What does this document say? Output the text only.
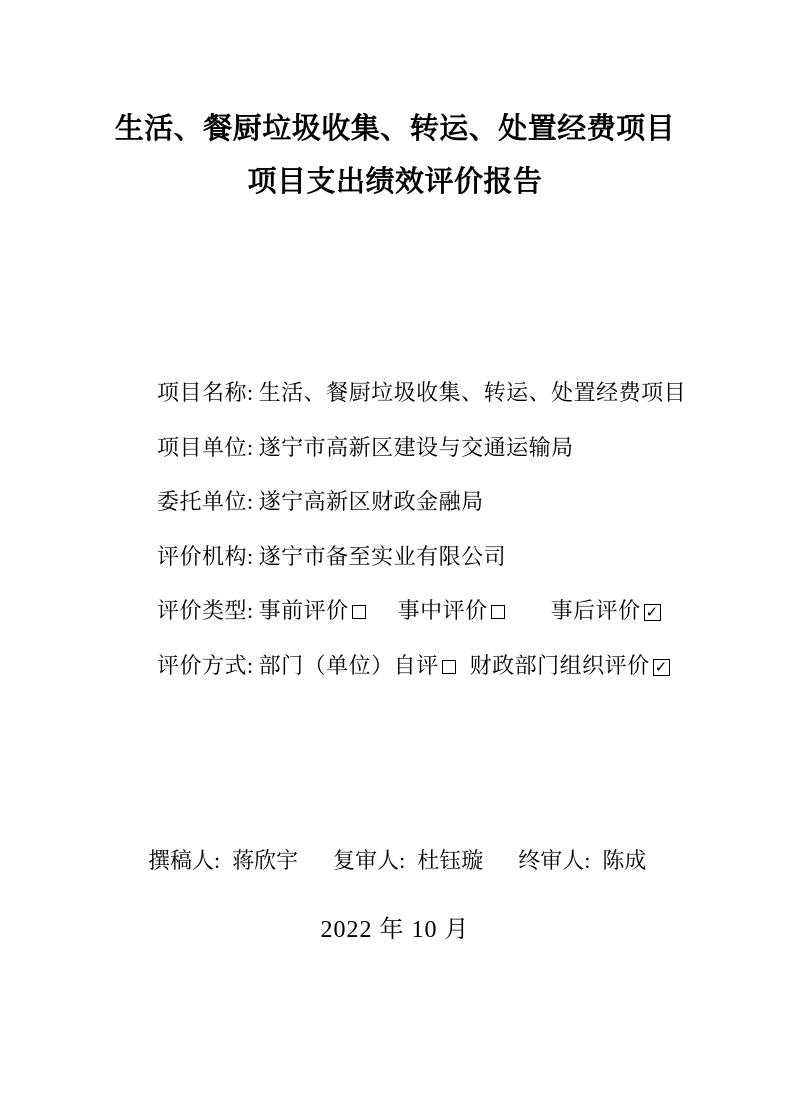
生活、餐厨垃圾收集、转运、处置经费项目
项目支出绩效评价报告
项目名称: 生活、餐厨垃圾收集、转运、处置经费项目
项目单位: 遂宁市高新区建设与交通运输局
委托单位: 遂宁高新区财政金融局
评价机构: 遂宁市备至实业有限公司
评价类型: 事前评价 事中评价	事后评价 ✓
评价方式: 部门（单位）自评 财政部门组织评价 ✓
撰稿人: 蒋欣宇 复审人: 杜钰璇 终审人: 陈成
2022 年 10 月
